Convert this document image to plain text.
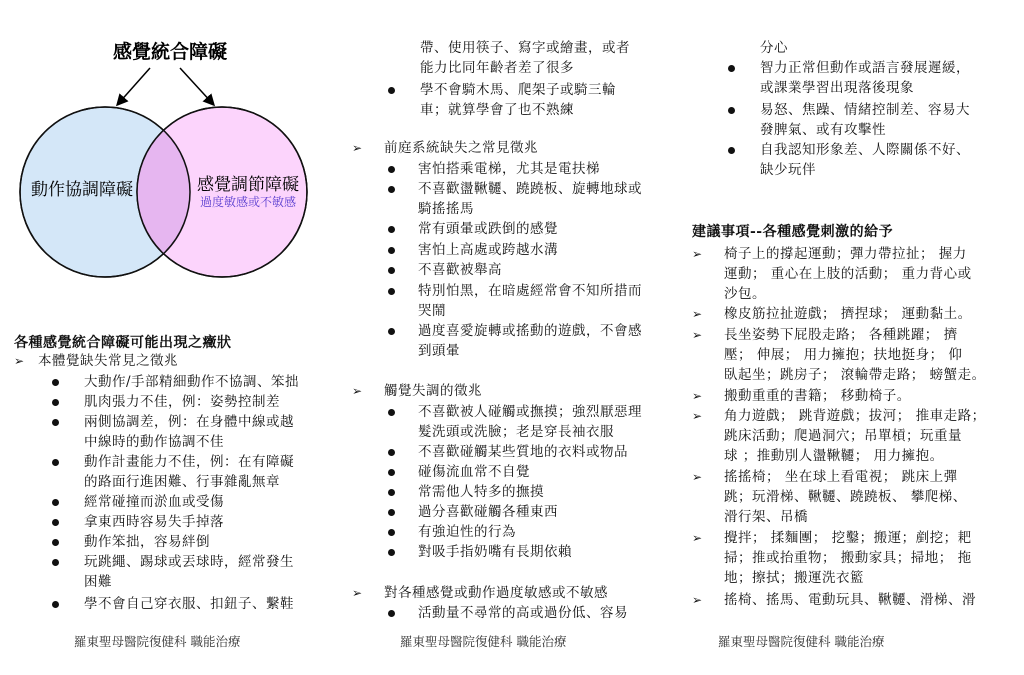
感覺統合障礙
動作協調障礙	感覺調節障礙
過度敏感或不敏感
各種感覺統合障礙可能出現之癥狀
➢ 本體覺缺失常見之徵兆
大動作/手部精細動作不協調、笨拙
肌肉張力不佳，例：姿勢控制差
兩側協調差，例：在身體中線或越
中線時的動作協調不佳
動作計畫能力不佳，例：在有障礙
的路面行進困難、行事雜亂無章
經常碰撞而淤血或受傷
拿東西時容易失手掉落
動作笨拙，容易絆倒
玩跳繩、踢球或丟球時，經常發生
困難
學不會自己穿衣服、扣鈕子、繫鞋
羅東聖母醫院復健科 職能治療
帶、使用筷子、寫字或繪畫，或者
能力比同年齡者差了很多
學不會騎木馬、爬架子或騎三輪
車；就算學會了也不熟練
➢ 前庭系統缺失之常見徵兆
害怕搭乘電梯，尤其是電扶梯
不喜歡盪鞦韆、蹺蹺板、旋轉地球或
騎搖搖馬
常有頭暈或跌倒的感覺
害怕上高處或跨越水溝
不喜歡被舉高
特別怕黑，在暗處經常會不知所措而
哭鬧
過度喜愛旋轉或搖動的遊戲，不會感
到頭暈
➢ 觸覺失調的徵兆
不喜歡被人碰觸或撫摸；強烈厭惡理
髮洗頭或洗臉；老是穿長袖衣服
不喜歡碰觸某些質地的衣料或物品
碰傷流血常不自覺
常需他人特多的撫摸
過分喜歡碰觸各種東西
有強迫性的行為
對吸手指奶嘴有長期依賴
➢ 對各種感覺或動作過度敏感或不敏感
活動量不尋常的高或過份低、容易
羅東聖母醫院復健科 職能治療
分心
智力正常但動作或語言發展遲緩，
或課業學習出現落後現象
易怒、焦躁、情緒控制差、容易大
發脾氣、或有攻擊性
自我認知形象差、人際關係不好、
缺少玩伴
建議事項--各種感覺刺激的給予
➢ 椅子上的撐起運動；彈力帶拉扯； 握力
運動； 重心在上肢的活動； 重力背心或
沙包。
➢ 橡皮筋拉扯遊戲； 擠捏球； 運動黏土。
➢ 長坐姿勢下屁股走路； 各種跳躍； 擠
壓； 伸展； 用力擁抱；扶地挺身； 仰
臥起坐；跳房子； 滾輪帶走路； 螃蟹走。
➢ 搬動重重的書籍； 移動椅子。
➢ 角力遊戲； 跳背遊戲；拔河； 推車走路；
跳床活動；爬過洞穴；吊單槓；玩重量
球 ；推動別人盪鞦韆； 用力擁抱。
➢ 搖搖椅； 坐在球上看電視； 跳床上彈
跳；玩滑梯、鞦韆、蹺蹺板、 攀爬梯、
滑行架、吊橋
➢ 攪拌； 揉麵團； 挖鑿；搬運；剷挖；耙
掃；推或抬重物； 搬動家具；掃地； 拖
地；擦拭；搬運洗衣籃
➢ 搖椅、搖馬、電動玩具、鞦韆、滑梯、滑
羅東聖母醫院復健科 職能治療
